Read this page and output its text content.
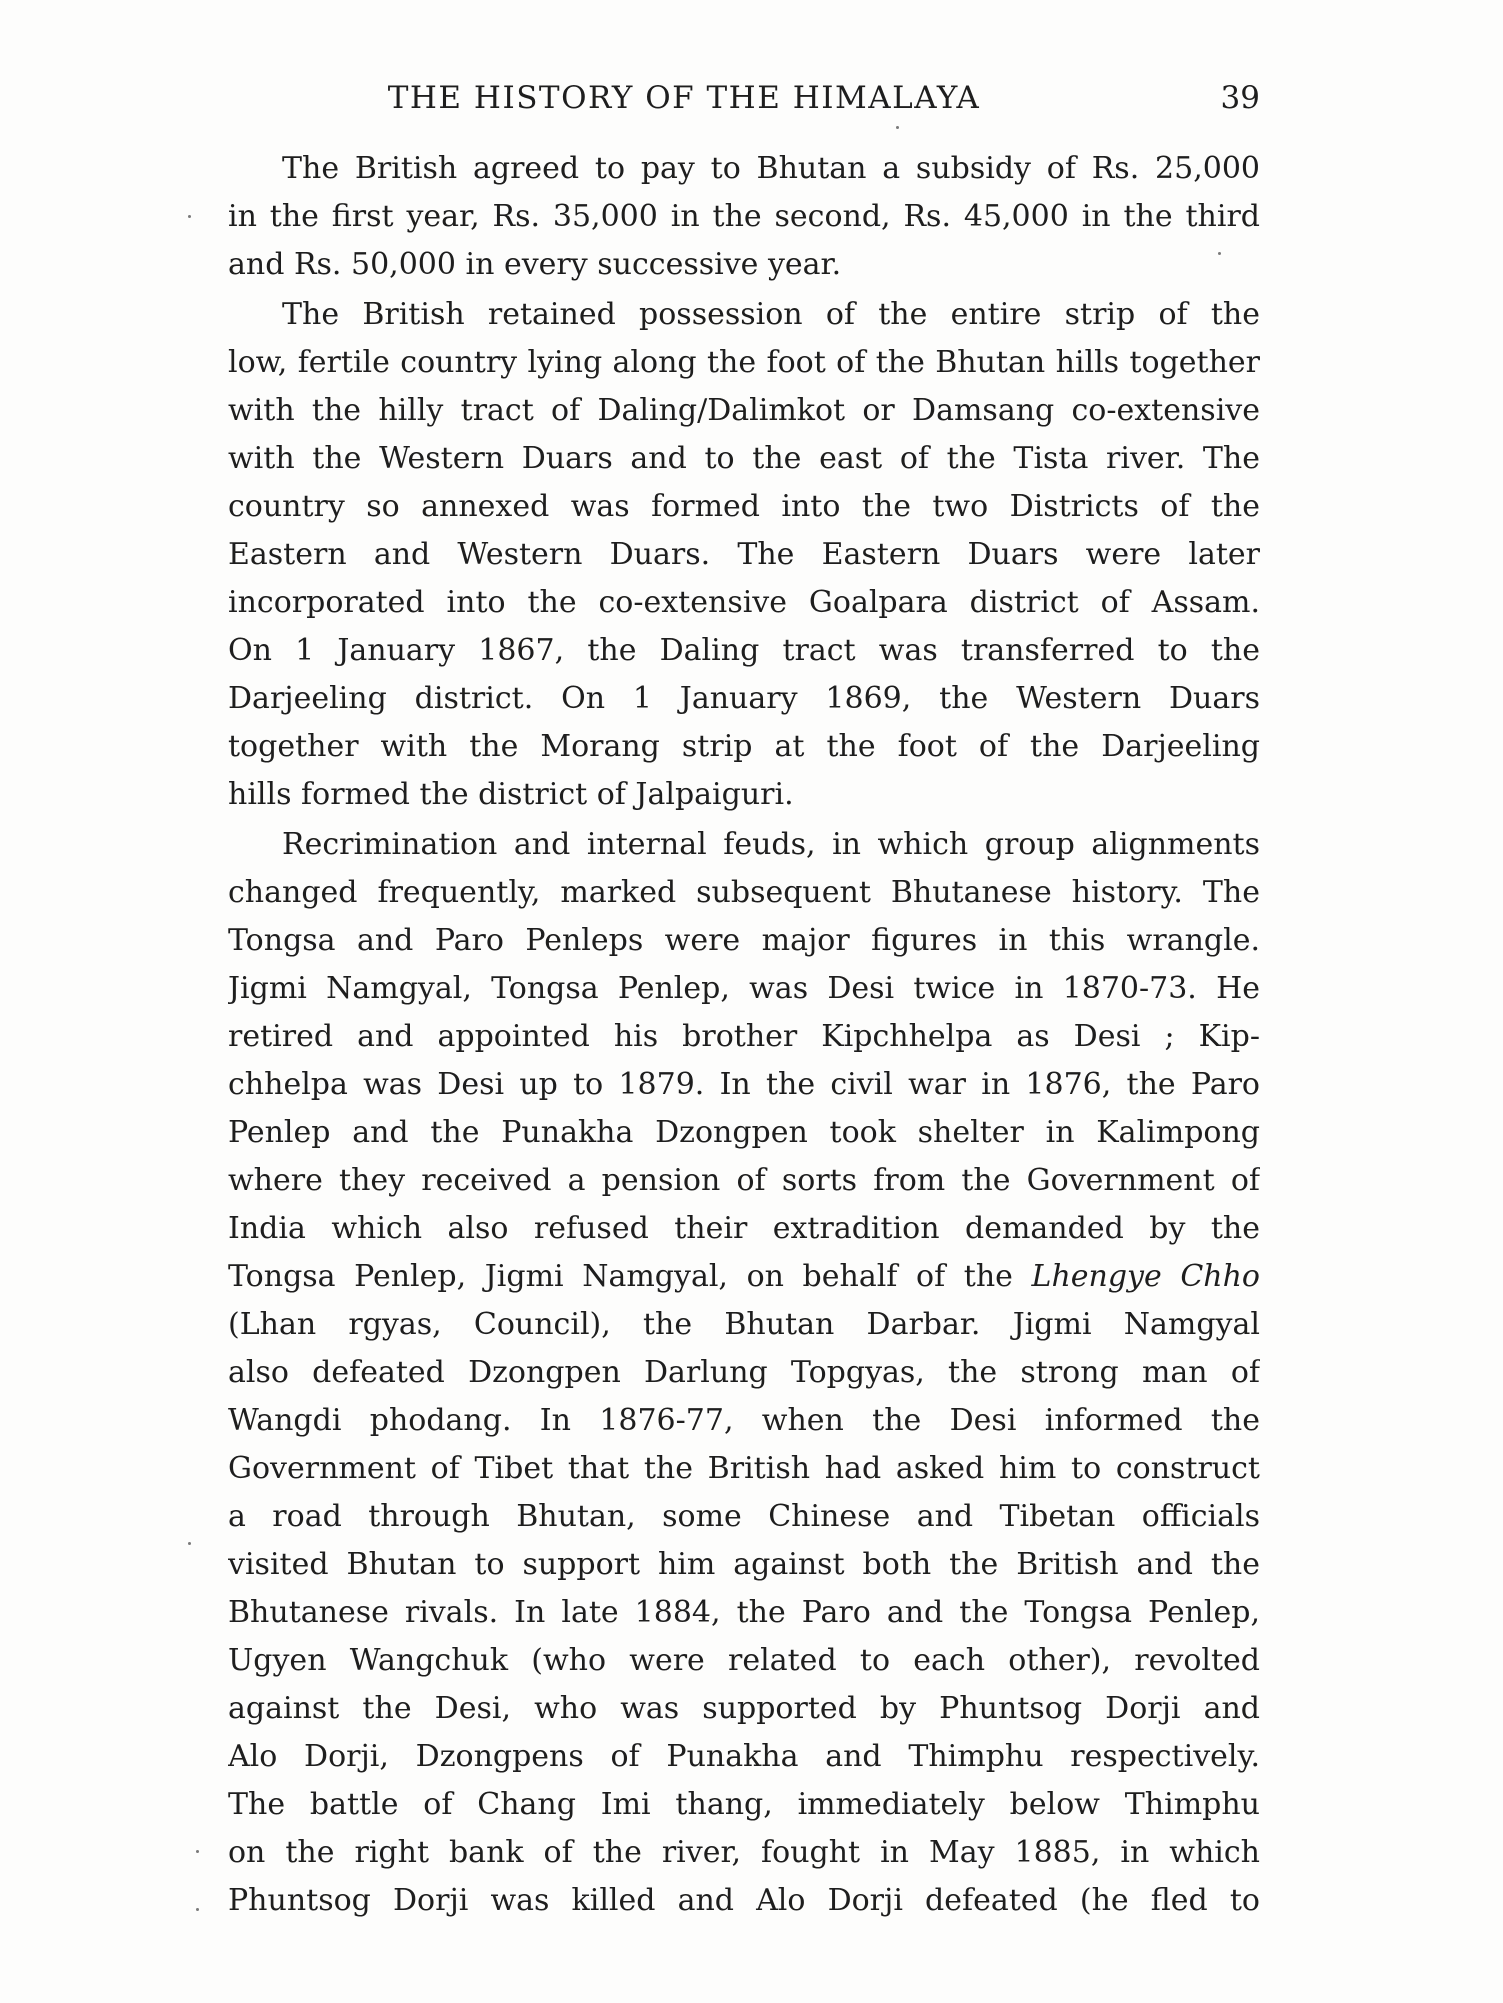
THE HISTORY OF THE HIMALAYA	39

The British agreed to pay to Bhutan a subsidy of Rs. 25,000
in the first year, Rs. 35,000 in the second, Rs. 45,000 in the third
and Rs. 50,000 in every successive year.

The British retained possession of the entire strip of the
low, fertile country lying along the foot of the Bhutan hills together
with the hilly tract of Daling/Dalimkot or Damsang co-extensive
with the Western Duars and to the east of the Tista river. The
country so annexed was formed into the two Districts of the
Eastern and Western Duars. The Eastern Duars were later
incorporated into the co-extensive Goalpara district of Assam.
On 1 January 1867, the Daling tract was transferred to the
Darjeeling district. On 1 January 1869, the Western Duars
together with the Morang strip at the foot of the Darjeeling
hills formed the district of Jalpaiguri.

Recrimination and internal feuds, in which group alignments
changed frequently, marked subsequent Bhutanese history. The
Tongsa and Paro Penleps were major figures in this wrangle.
Jigmi Namgyal, Tongsa Penlep, was Desi twice in 1870-73. He
retired and appointed his brother Kipchhelpa as Desi ; Kip-
chhelpa was Desi up to 1879. In the civil war in 1876, the Paro
Penlep and the Punakha Dzongpen took shelter in Kalimpong
where they received a pension of sorts from the Government of
India which also refused their extradition demanded by the
Tongsa Penlep, Jigmi Namgyal, on behalf of the Lhengye Chho
(Lhan rgyas, Council), the Bhutan Darbar. Jigmi Namgyal
also defeated Dzongpen Darlung Topgyas, the strong man of
Wangdi phodang. In 1876-77, when the Desi informed the
Government of Tibet that the British had asked him to construct
a road through Bhutan, some Chinese and Tibetan officials
visited Bhutan to support him against both the British and the
Bhutanese rivals. In late 1884, the Paro and the Tongsa Penlep,
Ugyen Wangchuk (who were related to each other), revolted
against the Desi, who was supported by Phuntsog Dorji and
Alo Dorji, Dzongpens of Punakha and Thimphu respectively.
The battle of Chang Imi thang, immediately below Thimphu
on the right bank of the river, fought in May 1885, in which
Phuntsog Dorji was killed and Alo Dorji defeated (he fled to
